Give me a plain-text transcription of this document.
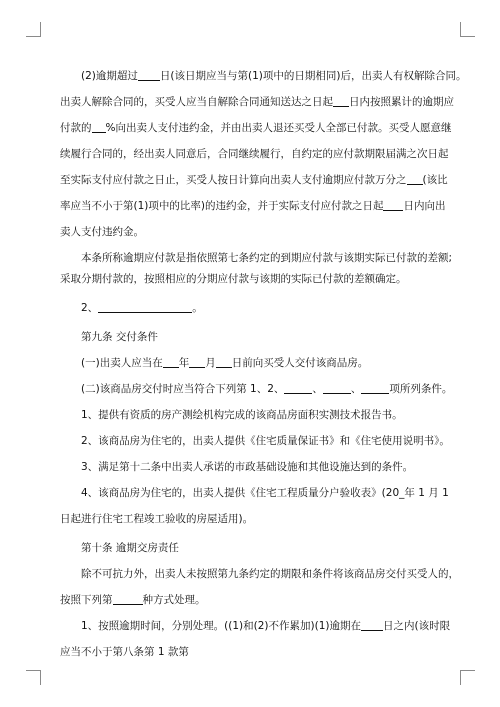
(2)逾期超过 日(该日期应当与第(1)项中的日期相同)后，出卖人有权解除合同。

出卖人解除合同的，买受人应当自解除合同通知送达之日起 日内按照累计的逾期应

付款的 %向出卖人支付违约金，并由出卖人退还买受人全部已付款。买受人愿意继

续履行合同的，经出卖人同意后，合同继续履行，自约定的应付款期限届满之次日起

至实际支付应付款之日止，买受人按日计算向出卖人支付逾期应付款万分之 (该比

率应当不小于第(1)项中的比率)的违约金，并于实际支付应付款之日起 日内向出

卖人支付违约金。

本条所称逾期应付款是指依照第七条约定的到期应付款与该期实际已付款的差额;

采取分期付款的，按照相应的分期应付款与该期的实际已付款的差额确定。

2、	。

第九条 交付条件

(一)出卖人应当在 年 月 日前向买受人交付该商品房。

(二)该商品房交付时应当符合下列第 1、2、	、	、	项所列条件。

1、提供有资质的房产测绘机构完成的该商品房面积实测技术报告书。

2、该商品房为住宅的，出卖人提供《住宅质量保证书》和《住宅使用说明书》。

3、满足第十二条中出卖人承诺的市政基础设施和其他设施达到的条件。

4、该商品房为住宅的，出卖人提供《住宅工程质量分户验收表》(20_年 1 月 1

日起进行住宅工程竣工验收的房屋适用)。

第十条 逾期交房责任

除不可抗力外，出卖人未按照第九条约定的期限和条件将该商品房交付买受人的，

按照下列第	种方式处理。

1、按照逾期时间，分别处理。((1)和(2)不作累加)(1)逾期在 日之内(该时限

应当不小于第八条第 1 款第
